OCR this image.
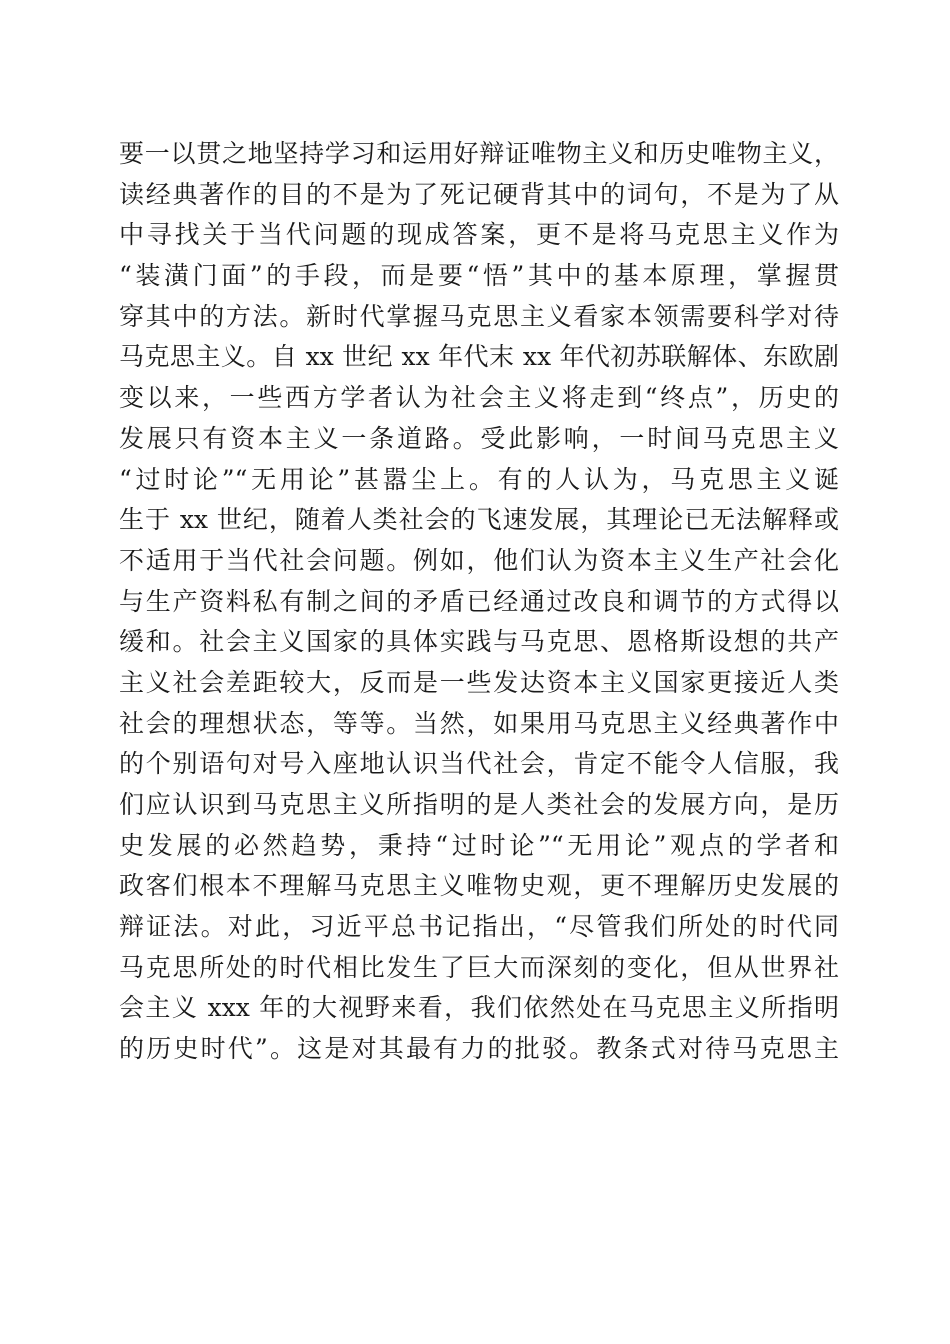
要一以贯之地坚持学习和运用好辩证唯物主义和历史唯物主义，
读经典著作的目的不是为了死记硬背其中的词句，不是为了从
中寻找关于当代问题的现成答案，更不是将马克思主义作为
“装潢门面”的手段，而是要“悟”其中的基本原理，掌握贯
穿其中的方法。新时代掌握马克思主义看家本领需要科学对待
马克思主义。自 xx 世纪 xx 年代末 xx 年代初苏联解体、东欧剧
变以来，一些西方学者认为社会主义将走到“终点”，历史的
发展只有资本主义一条道路。受此影响，一时间马克思主义
“过时论”“无用论”甚嚣尘上。有的人认为，马克思主义诞
生于 xx 世纪，随着人类社会的飞速发展，其理论已无法解释或
不适用于当代社会问题。例如，他们认为资本主义生产社会化
与生产资料私有制之间的矛盾已经通过改良和调节的方式得以
缓和。社会主义国家的具体实践与马克思、恩格斯设想的共产
主义社会差距较大，反而是一些发达资本主义国家更接近人类
社会的理想状态，等等。当然，如果用马克思主义经典著作中
的个别语句对号入座地认识当代社会，肯定不能令人信服，我
们应认识到马克思主义所指明的是人类社会的发展方向，是历
史发展的必然趋势，秉持“过时论”“无用论”观点的学者和
政客们根本不理解马克思主义唯物史观，更不理解历史发展的
辩证法。对此，习近平总书记指出，“尽管我们所处的时代同
马克思所处的时代相比发生了巨大而深刻的变化，但从世界社
会主义 xxx 年的大视野来看，我们依然处在马克思主义所指明
的历史时代”。这是对其最有力的批驳。教条式对待马克思主
